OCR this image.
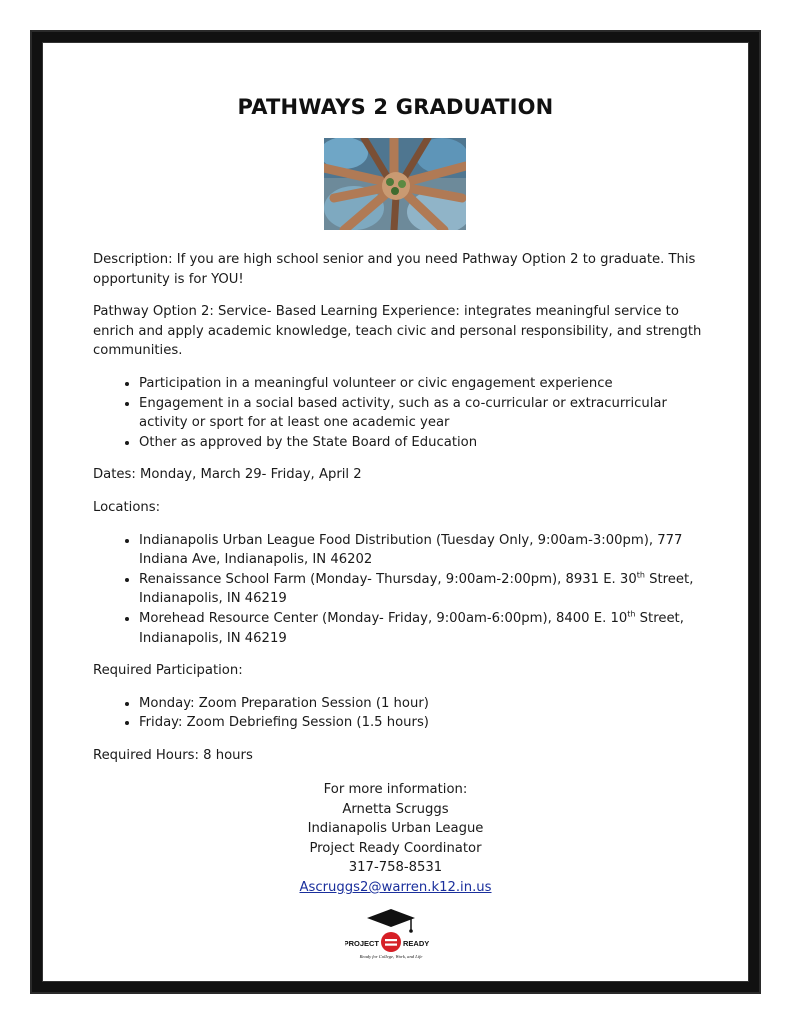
PATHWAYS 2 GRADUATION

Description: If you are high school senior and you need Pathway Option 2 to graduate. This opportunity is for YOU!

Pathway Option 2: Service- Based Learning Experience: integrates meaningful service to enrich and apply academic knowledge, teach civic and personal responsibility, and strength communities.

• Participation in a meaningful volunteer or civic engagement experience
• Engagement in a social based activity, such as a co-curricular or extracurricular activity or sport for at least one academic year
• Other as approved by the State Board of Education

Dates: Monday, March 29- Friday, April 2

Locations:

• Indianapolis Urban League Food Distribution (Tuesday Only, 9:00am-3:00pm), 777 Indiana Ave, Indianapolis, IN 46202
• Renaissance School Farm (Monday- Thursday, 9:00am-2:00pm), 8931 E. 30th Street, Indianapolis, IN 46219
• Morehead Resource Center (Monday- Friday, 9:00am-6:00pm), 8400 E. 10th Street, Indianapolis, IN 46219

Required Participation:

• Monday: Zoom Preparation Session (1 hour)
• Friday: Zoom Debriefing Session (1.5 hours)

Required Hours: 8 hours

For more information:
Arnetta Scruggs
Indianapolis Urban League
Project Ready Coordinator
317-758-8531
Ascruggs2@warren.k12.in.us
PROJECT	READY
Ready for College, Work, and Life
